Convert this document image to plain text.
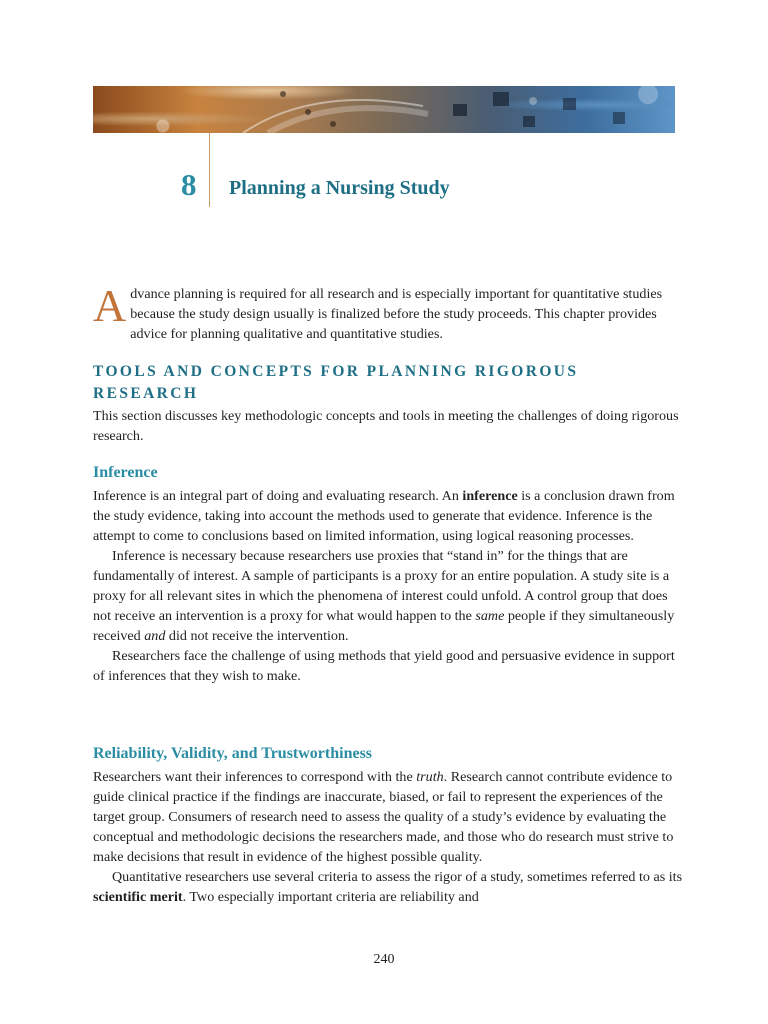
8 Planning a Nursing Study
Advance planning is required for all research and is especially important for quantitative studies because the study design usually is finalized before the study proceeds. This chapter provides advice for planning qualitative and quantitative studies.
TOOLS AND CONCEPTS FOR PLANNING RIGOROUS RESEARCH
This section discusses key methodologic concepts and tools in meeting the challenges of doing rigorous research.
Inference

Inference is an integral part of doing and evaluating research. An inference is a conclusion drawn from the study evidence, taking into account the methods used to generate that evidence. Inference is the attempt to come to conclusions based on limited information, using logical reasoning processes.

Inference is necessary because researchers use proxies that “stand in” for the things that are fundamentally of interest. A sample of participants is a proxy for an entire population. A study site is a proxy for all relevant sites in which the phenomena of interest could unfold. A control group that does not receive an intervention is a proxy for what would happen to the same people if they simultaneously received and did not receive the intervention.

Researchers face the challenge of using methods that yield good and persuasive evidence in support of inferences that they wish to make.

Reliability, Validity, and Trustworthiness

Researchers want their inferences to correspond with the truth. Research cannot contribute evidence to guide clinical practice if the findings are inaccurate, biased, or fail to represent the experiences of the target group. Consumers of research need to assess the quality of a study’s evidence by evaluating the conceptual and methodologic decisions the researchers made, and those who do research must strive to make decisions that result in evidence of the highest possible quality.

Quantitative researchers use several criteria to assess the rigor of a study, sometimes referred to as its scientific merit. Two especially important criteria are reliability and

240
